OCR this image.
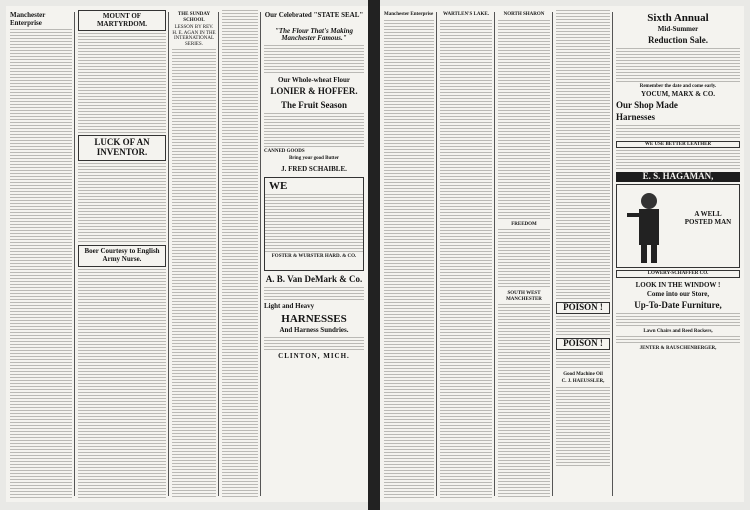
Manchester Enterprise
MOUNT OF MARTYRDOM.
LUCK OF AN INVENTOR.
Boer Courtesy to English Army Nurse.
THE SUNDAY SCHOOL
LESSON BY REV. H. E. AGAN IN THE INTERNATIONAL SERIES.
Our Celebrated "STATE SEAL"
"The Flour That's Making Manchester Famous."
Our Whole-wheat Flour
LONIER & HOFFER.
The Fruit Season
CANNED GOODS
Bring your good Butter
J. FRED SCHAIBLE.
WE
FOSTER & WURSTER HARD. & CO.
A. B. Van DeMark & Co.
Light and Heavy
HARNESSES
And Harness Sundries.
CLINTON, MICH.
Manchester Enterprise	WARTLEN'S LAKE.	NORTH SHARON
FREEDOM
SOUTH WEST MANCHESTER
POISON !
POISON !
Good Machine Oil
C. J. HAEUSSLER,
Sixth Annual
Mid-Summer
Reduction Sale.
Remember the date and come early.
YOCUM, MARX & CO.
Our Shop Made
Harnesses
WE USE BETTER LEATHER
E. S. HAGAMAN,
A WELL POSTED MAN
LOWERY-SCHAFFER CO.
LOOK IN THE WINDOW !
Come into our Store,
Up-To-Date Furniture,
Lawn Chairs and Reed Rockers,
JENTER & RAUSCHENBERGER,
